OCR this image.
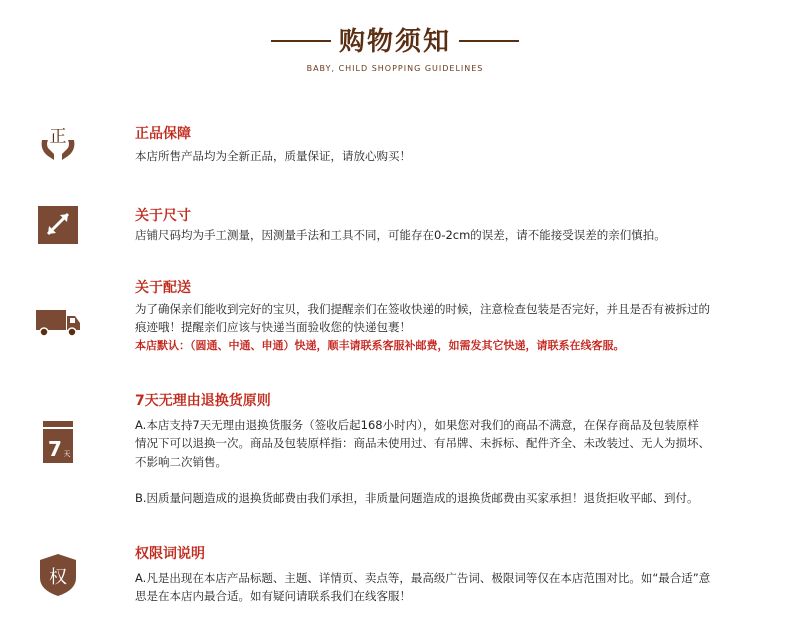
购物须知
BABY, CHILD SHOPPING GUIDELINES
正	正品保障

本店所售产品均为全新正品，质量保证，请放心购买！

关于尺寸

店铺尺码均为手工测量，因测量手法和工具不同，可能存在0-2cm的误差，请不能接受误差的亲们慎拍。

关于配送

为了确保亲们能收到完好的宝贝，我们提醒亲们在签收快递的时候，注意检查包装是否完好，并且是否有被拆过的

痕迹哦！提醒亲们应该与快递当面验收您的快递包裹！

本店默认：（圆通、中通、申通）快递，顺丰请联系客服补邮费，如需发其它快递，请联系在线客服。

7 天

7天无理由退换货原则

A.本店支持7天无理由退换货服务（签收后起168小时内），如果您对我们的商品不满意，在保存商品及包装原样

情况下可以退换一次。商品及包装原样指：商品未使用过、有吊牌、未拆标、配件齐全、未改装过、无人为损坏、

不影响二次销售。

B.因质量问题造成的退换货邮费由我们承担，非质量问题造成的退换货邮费由买家承担！退货拒收平邮、到付。

权

权限词说明

A.凡是出现在本店产品标题、主题、详情页、卖点等，最高级广告词、极限词等仅在本店范围对比。如“最合适”意

思是在本店内最合适。如有疑问请联系我们在线客服！
